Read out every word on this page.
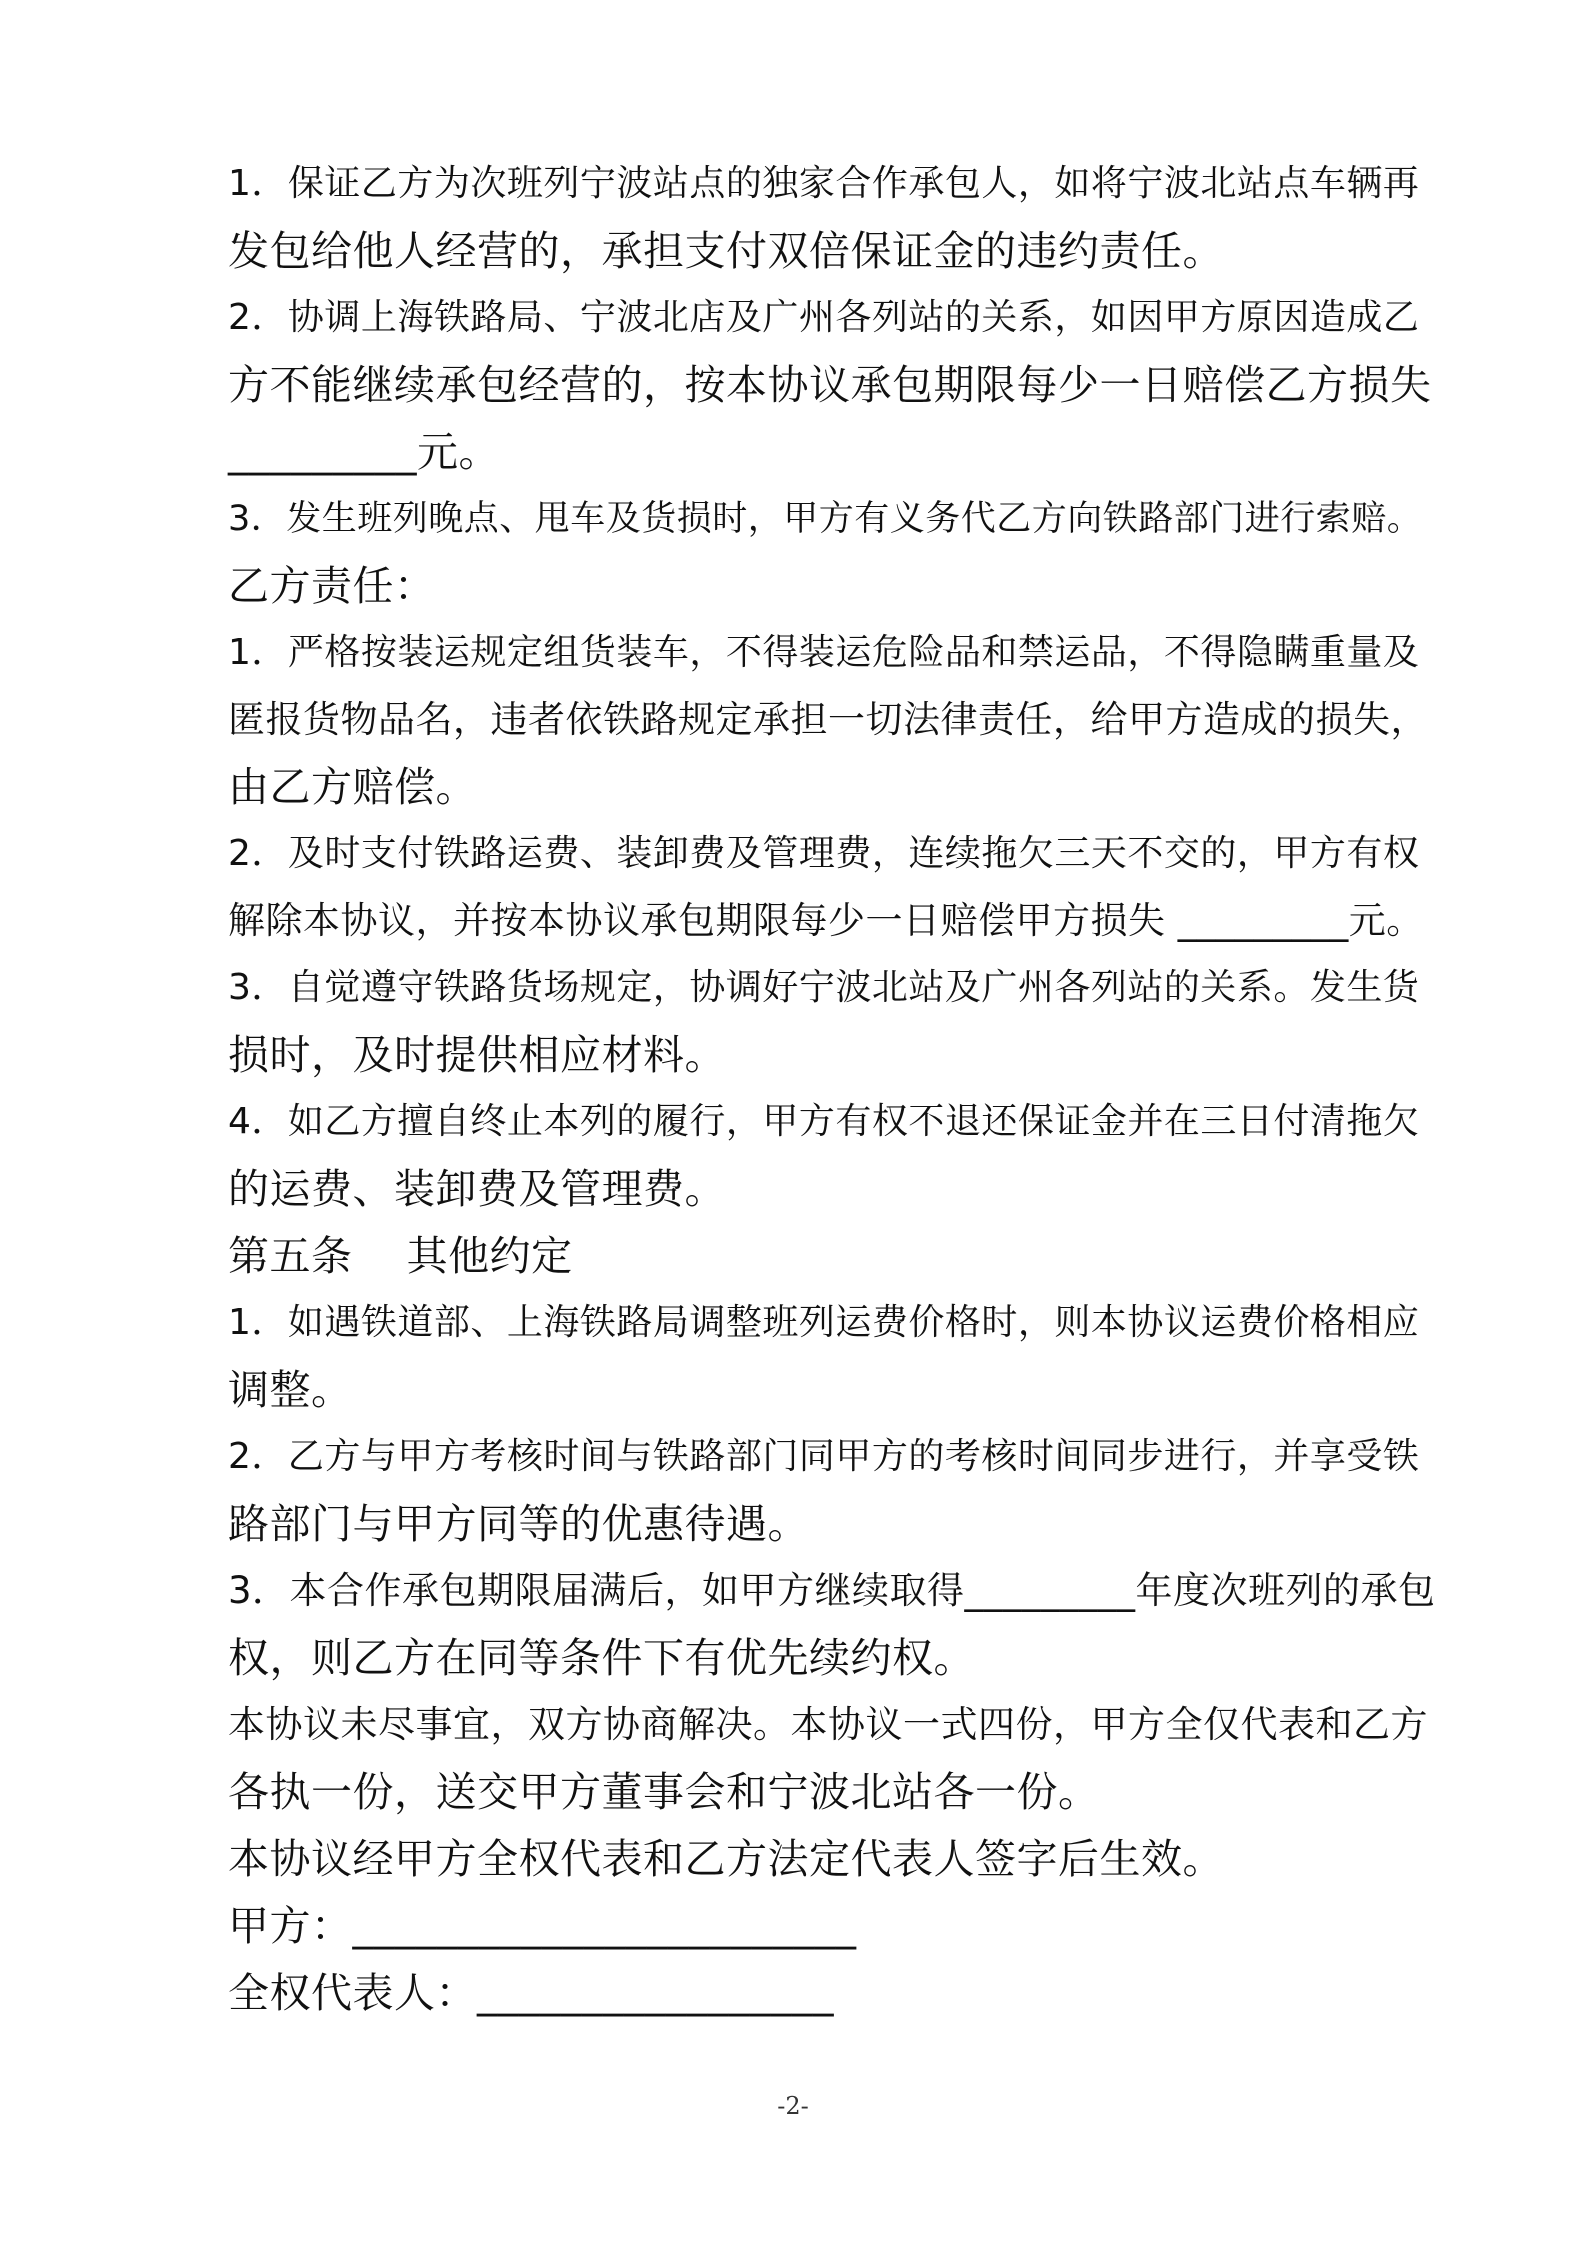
1．保证乙方为次班列宁波站点的独家合作承包人，如将宁波北站点车辆再
发包给他人经营的，承担支付双倍保证金的违约责任。
2．协调上海铁路局、宁波北店及广州各列站的关系，如因甲方原因造成乙
方不能继续承包经营的，按本协议承包期限每少一日赔偿乙方损失
_________元。
3．发生班列晚点、甩车及货损时，甲方有义务代乙方向铁路部门进行索赔。
乙方责任：
1．严格按装运规定组货装车，不得装运危险品和禁运品，不得隐瞒重量及
匿报货物品名，违者依铁路规定承担一切法律责任，给甲方造成的损失，
由乙方赔偿。
2．及时支付铁路运费、装卸费及管理费，连续拖欠三天不交的，甲方有权
解除本协议，并按本协议承包期限每少一日赔偿甲方损失 _________元。
3．自觉遵守铁路货场规定，协调好宁波北站及广州各列站的关系。发生货
损时，及时提供相应材料。
4．如乙方擅自终止本列的履行，甲方有权不退还保证金并在三日付清拖欠
的运费、装卸费及管理费。
第五条    其他约定
1．如遇铁道部、上海铁路局调整班列运费价格时，则本协议运费价格相应
调整。
2．乙方与甲方考核时间与铁路部门同甲方的考核时间同步进行，并享受铁
路部门与甲方同等的优惠待遇。
3．本合作承包期限届满后，如甲方继续取得_________年度次班列的承包
权，则乙方在同等条件下有优先续约权。
本协议未尽事宜，双方协商解决。本协议一式四份，甲方全仅代表和乙方
各执一份，送交甲方董事会和宁波北站各一份。
本协议经甲方全权代表和乙方法定代表人签字后生效。
甲方：________________________
全权代表人：_________________
-2-
